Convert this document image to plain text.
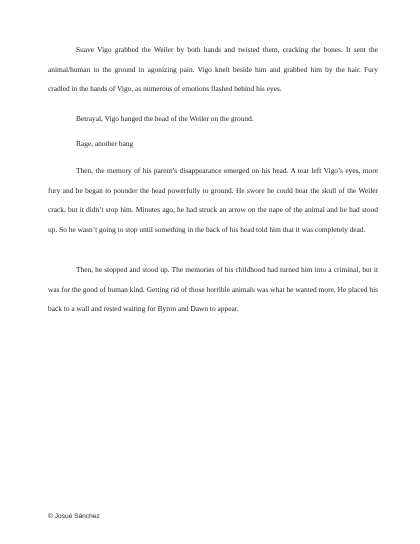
Suave Vigo grabbed the Weiler by both hands and twisted them, cracking the bones. It sent the animal/human to the ground in agonizing pain. Vigo knelt beside him and grabbed him by the hair. Fury cradled in the hands of Vigo, as numerous of emotions flashed behind his eyes.

Betrayal, Vigo banged the head of the Weiler on the ground.

Rage, another bang

Then, the memory of his parent’s disappearance emerged on his head. A tear left Vigo’s eyes, more fury and he began to pounder the head powerfully to ground. He swore he could hear the skull of the Weiler crack, but it didn’t stop him. Minutes ago, he had struck an arrow on the nape of the animal and he had stood up. So he wasn’t going to stop until something in the back of his head told him that it was completely dead.

Then, he stopped and stood up. The memories of his childhood had turned him into a criminal, but it was for the good of human kind. Getting rid of those horrible animals was what he wanted more. He placed his back to a wall and rested waiting for Byron and Dawn to appear.

© Josué Sánchez
